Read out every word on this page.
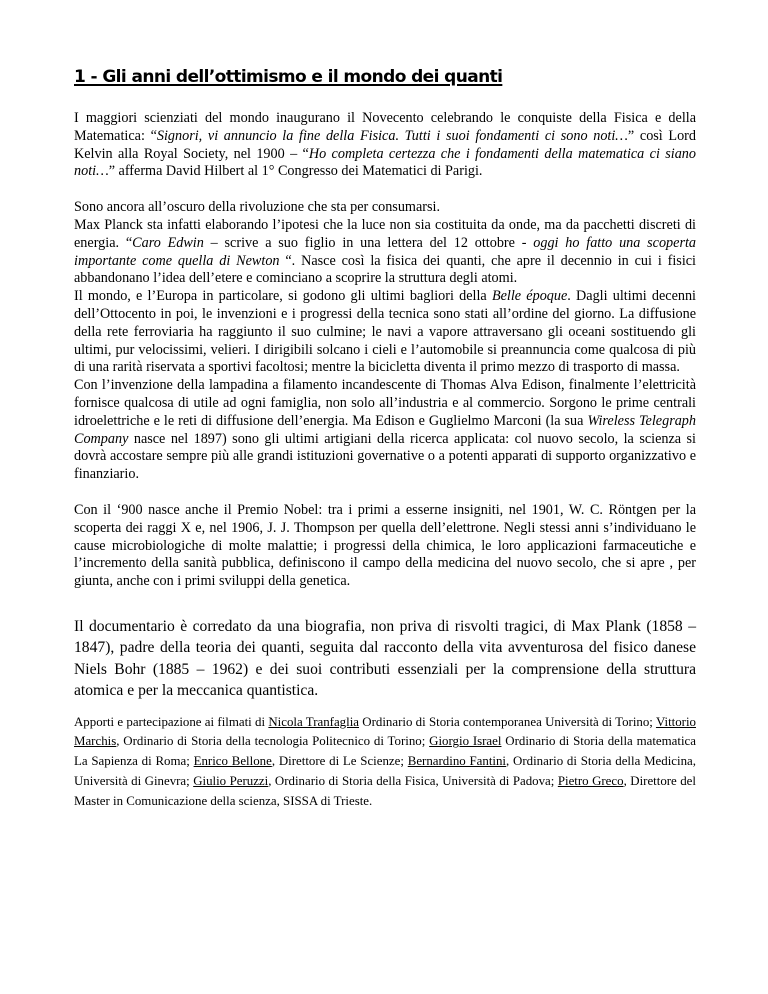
1 - Gli anni dell’ottimismo e il mondo dei quanti

I maggiori scienziati del mondo inaugurano il Novecento celebrando le conquiste della Fisica e della Matematica: “Signori, vi annuncio la fine della Fisica. Tutti i suoi fondamenti ci sono noti…” così Lord Kelvin alla Royal Society, nel 1900 – “Ho completa certezza che i fondamenti della matematica ci siano noti…” afferma David Hilbert al 1° Congresso dei Matematici di Parigi.

Sono ancora all’oscuro della rivoluzione che sta per consumarsi.
Max Planck sta infatti elaborando l’ipotesi che la luce non sia costituita da onde, ma da pacchetti discreti di energia. “Caro Edwin – scrive a suo figlio in una lettera del 12 ottobre - oggi ho fatto una scoperta importante come quella di Newton “. Nasce così la fisica dei quanti, che apre il decennio in cui i fisici abbandonano l’idea dell’etere e cominciano a scoprire la struttura degli atomi.
Il mondo, e l’Europa in particolare, si godono gli ultimi bagliori della Belle époque. Dagli ultimi decenni dell’Ottocento in poi, le invenzioni e i progressi della tecnica sono stati all’ordine del giorno. La diffusione della rete ferroviaria ha raggiunto il suo culmine; le navi a vapore attraversano gli oceani sostituendo gli ultimi, pur velocissimi, velieri. I dirigibili solcano i cieli e l’automobile si preannuncia come qualcosa di più di una rarità riservata a sportivi facoltosi; mentre la bicicletta diventa il primo mezzo di trasporto di massa.
Con l’invenzione della lampadina a filamento incandescente di Thomas Alva Edison, finalmente l’elettricità fornisce qualcosa di utile ad ogni famiglia, non solo all’industria e al commercio. Sorgono le prime centrali idroelettriche e le reti di diffusione dell’energia. Ma Edison e Guglielmo Marconi (la sua Wireless Telegraph Company nasce nel 1897) sono gli ultimi artigiani della ricerca applicata: col nuovo secolo, la scienza si dovrà accostare sempre più alle grandi istituzioni governative o a potenti apparati di supporto organizzativo e finanziario.

Con il ‘900 nasce anche il Premio Nobel: tra i primi a esserne insigniti, nel 1901, W. C. Röntgen per la scoperta dei raggi X e, nel 1906, J. J. Thompson per quella dell’elettrone. Negli stessi anni s’individuano le cause microbiologiche di molte malattie; i progressi della chimica, le loro applicazioni farmaceutiche e l’incremento della sanità pubblica, definiscono il campo della medicina del nuovo secolo, che si apre , per giunta, anche con i primi sviluppi della genetica.

Il documentario è corredato da una biografia, non priva di risvolti tragici, di Max Plank (1858 – 1847), padre della teoria dei quanti, seguita dal racconto della vita avventurosa del fisico danese Niels Bohr (1885 – 1962) e dei suoi contributi essenziali per la comprensione della struttura atomica e per la meccanica quantistica.

Apporti e partecipazione ai filmati di Nicola Tranfaglia Ordinario di Storia contemporanea Università di Torino; Vittorio Marchis, Ordinario di Storia della tecnologia Politecnico di Torino; Giorgio Israel Ordinario di Storia della matematica La Sapienza di Roma; Enrico Bellone, Direttore di Le Scienze; Bernardino Fantini, Ordinario di Storia della Medicina, Università di Ginevra; Giulio Peruzzi, Ordinario di Storia della Fisica, Università di Padova; Pietro Greco, Direttore del Master in Comunicazione della scienza, SISSA di Trieste.
